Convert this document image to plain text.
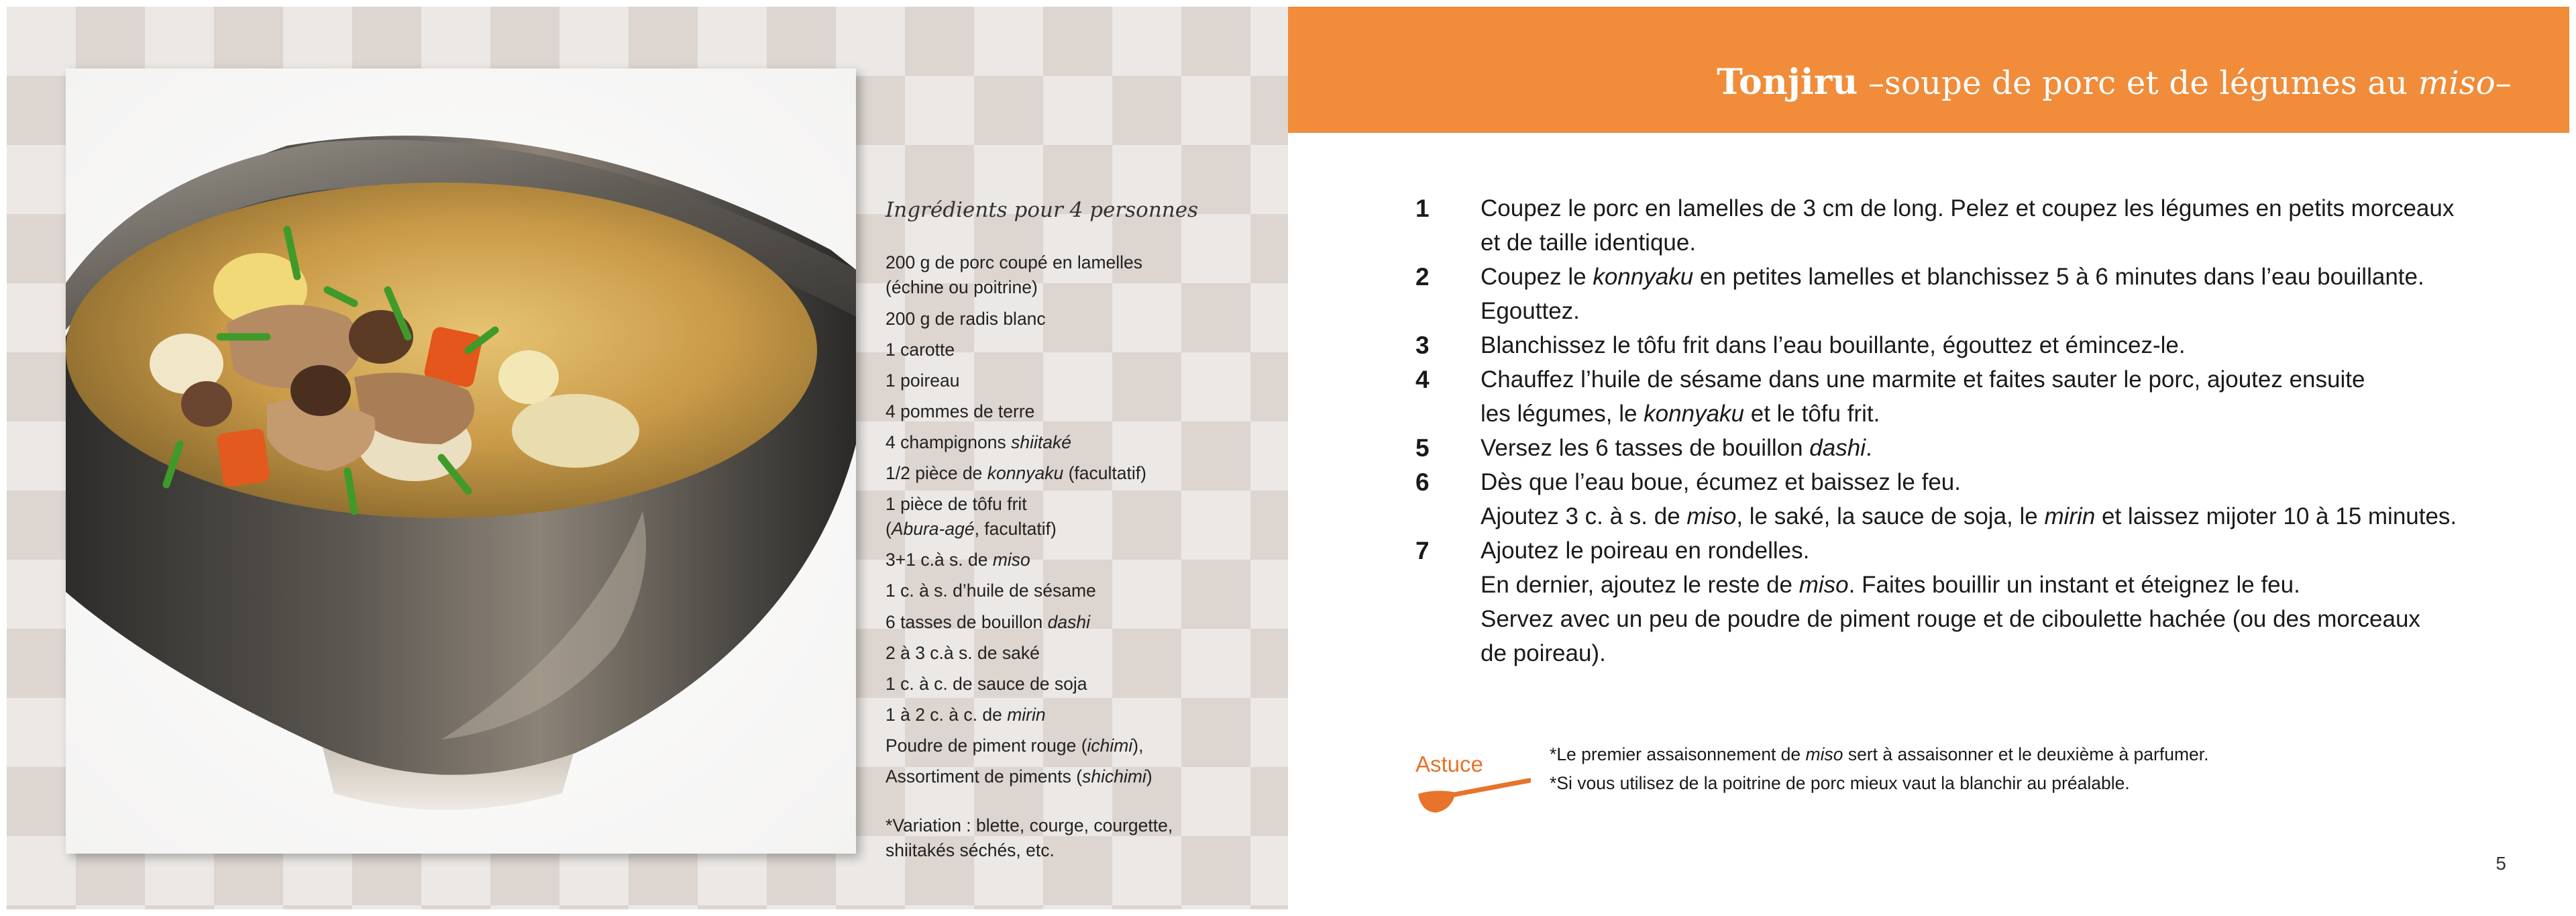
Ingrédients pour 4 personnes

200 g de porc coupé en lamelles
(échine ou poitrine)
200 g de radis blanc
1 carotte
1 poireau
4 pommes de terre
4 champignons shiitaké
1/2 pièce de konnyaku (facultatif)
1 pièce de tôfu frit
(Abura-agé, facultatif)
3+1 c.à s. de miso
1 c. à s. d’huile de sésame
6 tasses de bouillon dashi
2 à 3 c.à s. de saké
1 c. à c. de sauce de soja
1 à 2 c. à c. de mirin
Poudre de piment rouge (ichimi),
Assortiment de piments (shichimi)
*Variation : blette, courge, courgette,
shiitakés séchés, etc.
Tonjiru –soupe de porc et de légumes au miso–
1 Coupez le porc en lamelles de 3 cm de long. Pelez et coupez les légumes en petits morceaux
et de taille identique.
2 Coupez le konnyaku en petites lamelles et blanchissez 5 à 6 minutes dans l’eau bouillante.
Egouttez.
3 Blanchissez le tôfu frit dans l’eau bouillante, égouttez et émincez-le.
4 Chauffez l’huile de sésame dans une marmite et faites sauter le porc, ajoutez ensuite
les légumes, le konnyaku et le tôfu frit.
5 Versez les 6 tasses de bouillon dashi.
6 Dès que l’eau boue, écumez et baissez le feu.
Ajoutez 3 c. à s. de miso, le saké, la sauce de soja, le mirin et laissez mijoter 10 à 15 minutes.
7 Ajoutez le poireau en rondelles.
En dernier, ajoutez le reste de miso. Faites bouillir un instant et éteignez le feu.
Servez avec un peu de poudre de piment rouge et de ciboulette hachée (ou des morceaux
de poireau).
Astuce	*Le premier assaisonnement de miso sert à assaisonner et le deuxième à parfumer.
*Si vous utilisez de la poitrine de porc mieux vaut la blanchir au préalable.
5
